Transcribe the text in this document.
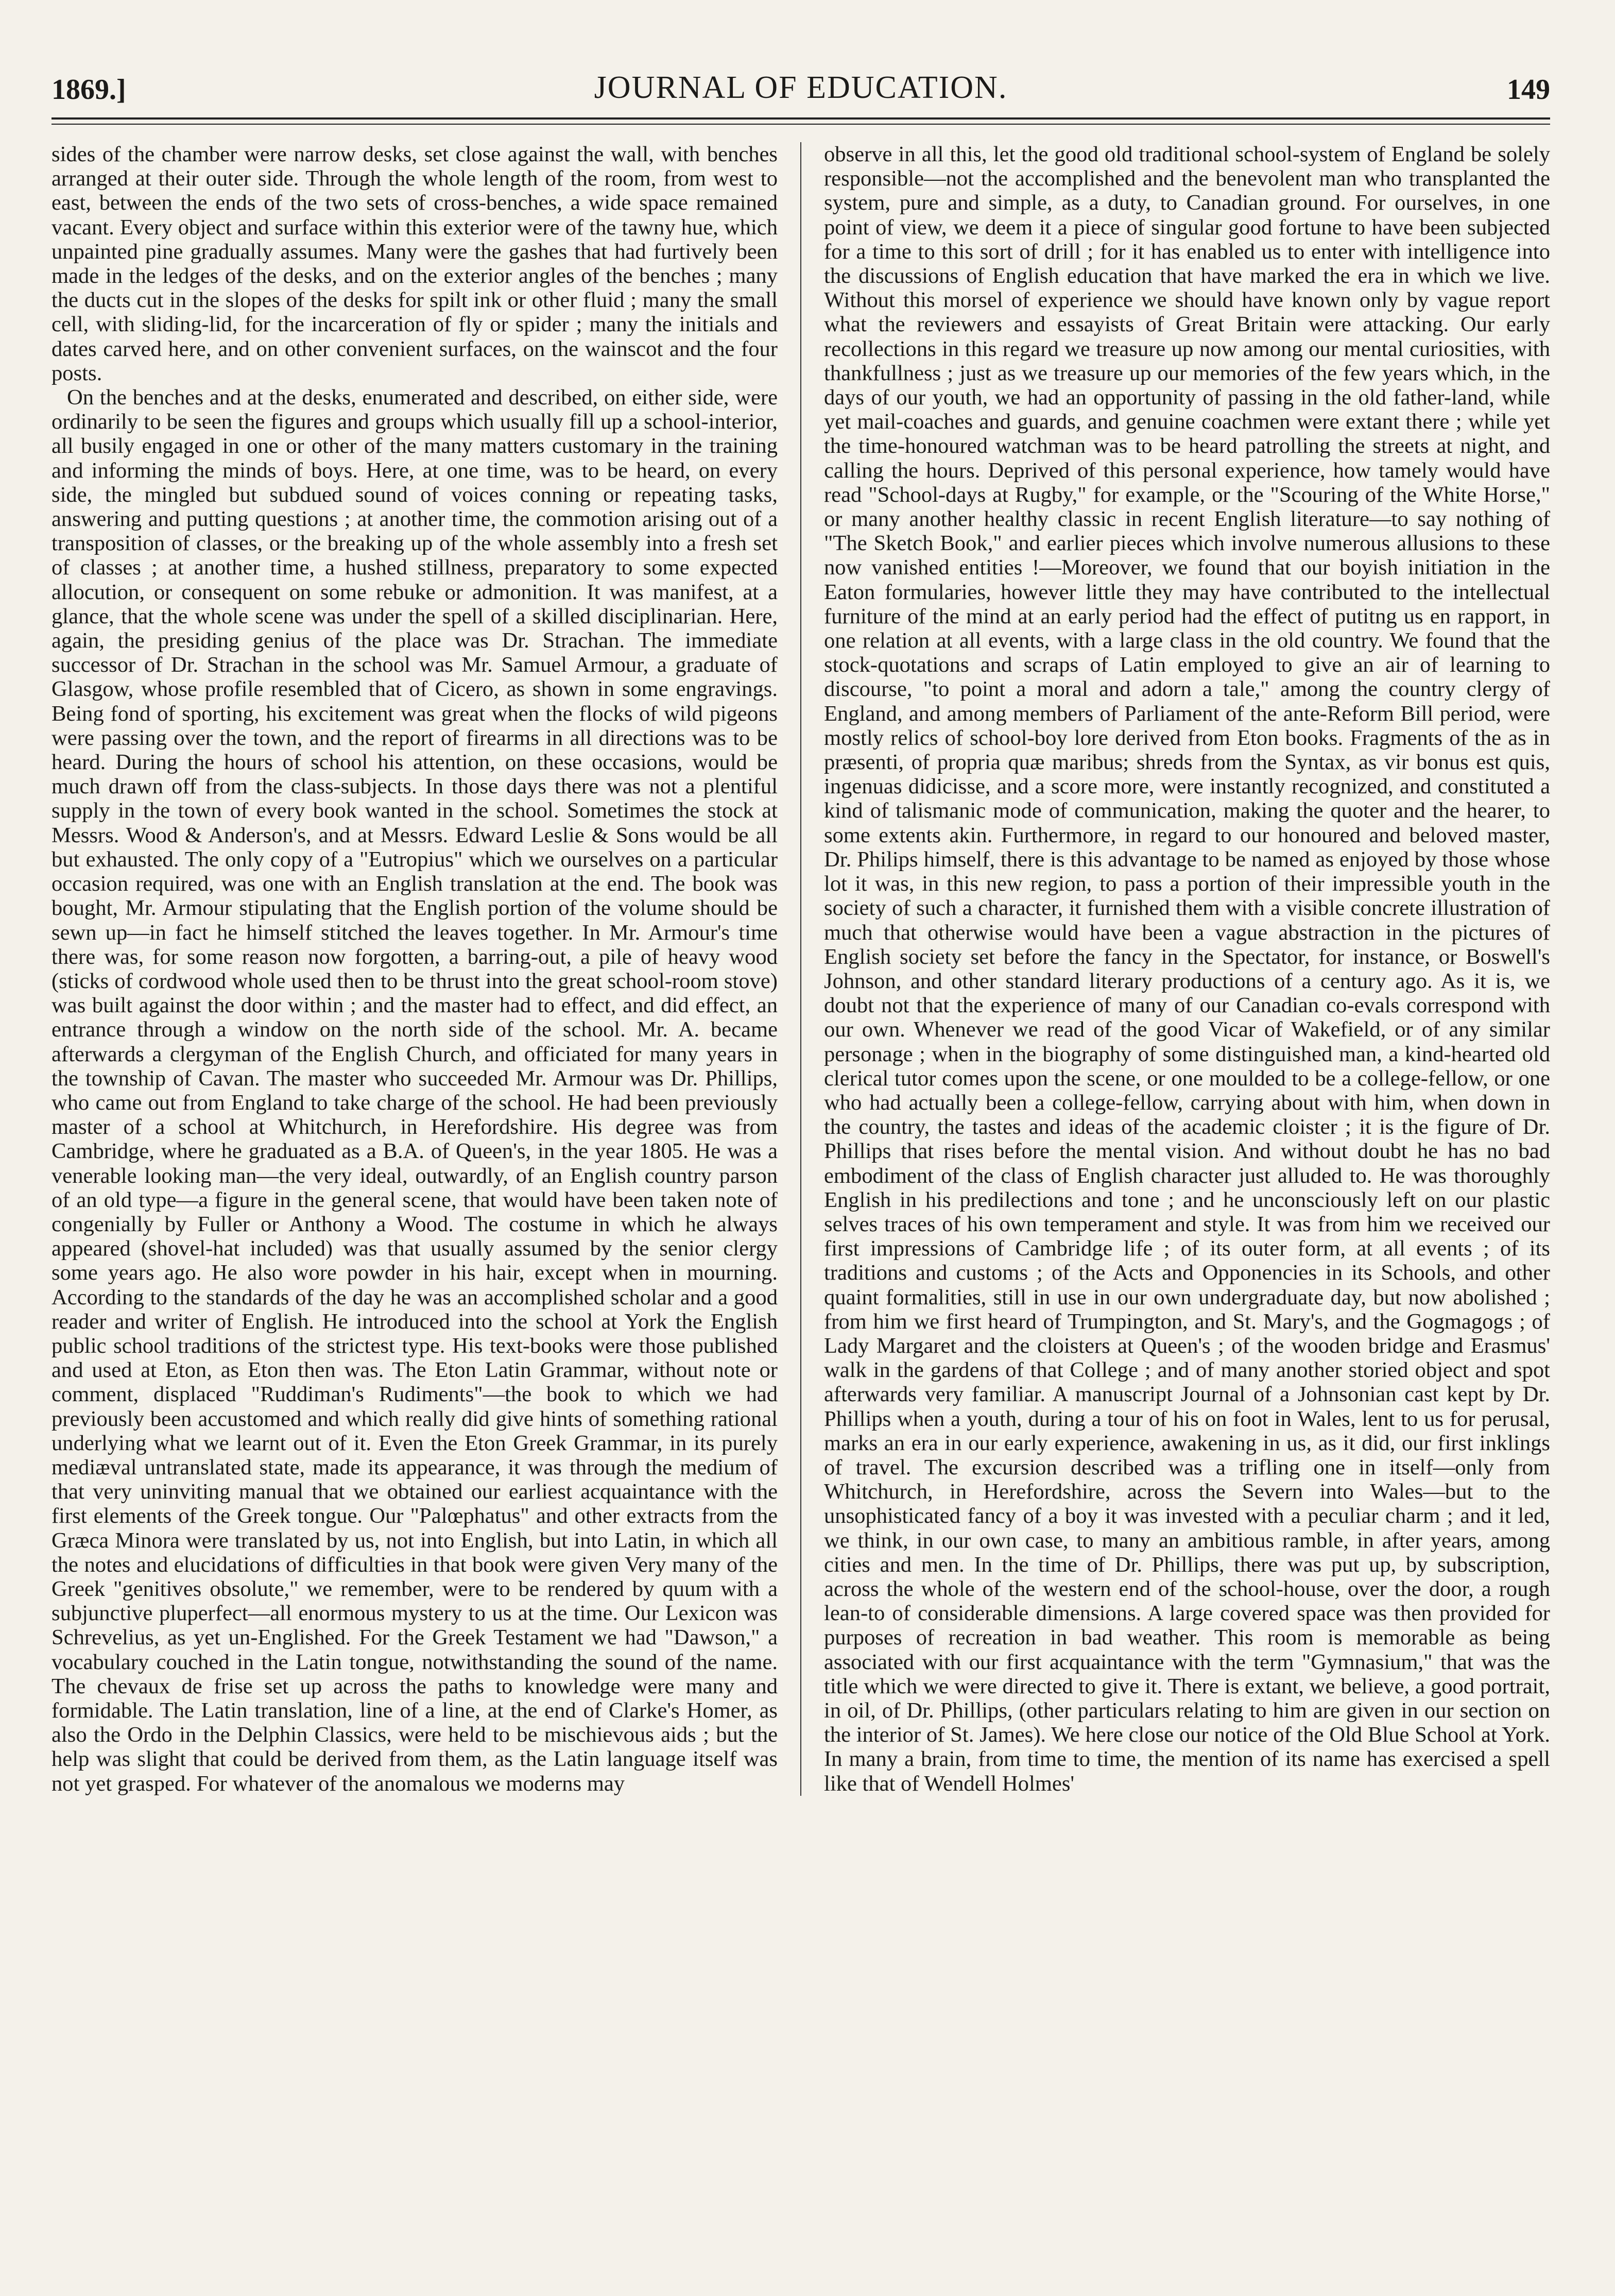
1869.]	JOURNAL OF EDUCATION.	149

sides of the chamber were narrow desks, set close against the wall, with benches arranged at their outer side. Through the whole length of the room, from west to east, between the ends of the two sets of cross-benches, a wide space remained vacant. Every object and surface within this exterior were of the tawny hue, which unpainted pine gradually assumes. Many were the gashes that had furtively been made in the ledges of the desks, and on the exterior angles of the benches ; many the ducts cut in the slopes of the desks for spilt ink or other fluid ; many the small cell, with sliding-lid, for the incarceration of fly or spider ; many the initials and dates carved here, and on other convenient surfaces, on the wainscot and the four posts.

On the benches and at the desks, enumerated and described, on either side, were ordinarily to be seen the figures and groups which usually fill up a school-interior, all busily engaged in one or other of the many matters customary in the training and informing the minds of boys. Here, at one time, was to be heard, on every side, the mingled but subdued sound of voices conning or repeating tasks, answering and putting questions ; at another time, the commotion arising out of a transposition of classes, or the breaking up of the whole assembly into a fresh set of classes ; at another time, a hushed stillness, preparatory to some expected allocution, or consequent on some rebuke or admonition. It was manifest, at a glance, that the whole scene was under the spell of a skilled disciplinarian. Here, again, the presiding genius of the place was Dr. Strachan. The immediate successor of Dr. Strachan in the school was Mr. Samuel Armour, a graduate of Glasgow, whose profile resembled that of Cicero, as shown in some engravings. Being fond of sporting, his excitement was great when the flocks of wild pigeons were passing over the town, and the report of firearms in all directions was to be heard. During the hours of school his attention, on these occasions, would be much drawn off from the class-subjects. In those days there was not a plentiful supply in the town of every book wanted in the school. Sometimes the stock at Messrs. Wood & Anderson's, and at Messrs. Edward Leslie & Sons would be all but exhausted. The only copy of a "Eutropius" which we ourselves on a particular occasion required, was one with an English translation at the end. The book was bought, Mr. Armour stipulating that the English portion of the volume should be sewn up—in fact he himself stitched the leaves together. In Mr. Armour's time there was, for some reason now forgotten, a barring-out, a pile of heavy wood (sticks of cordwood whole used then to be thrust into the great school-room stove) was built against the door within ; and the master had to effect, and did effect, an entrance through a window on the north side of the school. Mr. A. became afterwards a clergyman of the English Church, and officiated for many years in the township of Cavan. The master who succeeded Mr. Armour was Dr. Phillips, who came out from England to take charge of the school. He had been previously master of a school at Whitchurch, in Herefordshire. His degree was from Cambridge, where he graduated as a B.A. of Queen's, in the year 1805. He was a venerable looking man—the very ideal, outwardly, of an English country parson of an old type—a figure in the general scene, that would have been taken note of congenially by Fuller or Anthony a Wood. The costume in which he always appeared (shovel-hat included) was that usually assumed by the senior clergy some years ago. He also wore powder in his hair, except when in mourning. According to the standards of the day he was an accomplished scholar and a good reader and writer of English. He introduced into the school at York the English public school traditions of the strictest type. His text-books were those published and used at Eton, as Eton then was. The Eton Latin Grammar, without note or comment, displaced "Ruddiman's Rudiments"—the book to which we had previously been accustomed and which really did give hints of something rational underlying what we learnt out of it. Even the Eton Greek Grammar, in its purely mediæval untranslated state, made its appearance, it was through the medium of that very uninviting manual that we obtained our earliest acquaintance with the first elements of the Greek tongue. Our "Palœphatus" and other extracts from the Græca Minora were translated by us, not into English, but into Latin, in which all the notes and elucidations of difficulties in that book were given Very many of the Greek "genitives obsolute," we remember, were to be rendered by quum with a subjunctive pluperfect—all enormous mystery to us at the time. Our Lexicon was Schrevelius, as yet un-Englished. For the Greek Testament we had "Dawson," a vocabulary couched in the Latin tongue, notwithstanding the sound of the name. The chevaux de frise set up across the paths to knowledge were many and formidable. The Latin translation, line of a line, at the end of Clarke's Homer, as also the Ordo in the Delphin Classics, were held to be mischievous aids ; but the help was slight that could be derived from them, as the Latin language itself was not yet grasped. For whatever of the anomalous we moderns may

observe in all this, let the good old traditional school-system of England be solely responsible—not the accomplished and the benevolent man who transplanted the system, pure and simple, as a duty, to Canadian ground. For ourselves, in one point of view, we deem it a piece of singular good fortune to have been subjected for a time to this sort of drill ; for it has enabled us to enter with intelligence into the discussions of English education that have marked the era in which we live. Without this morsel of experience we should have known only by vague report what the reviewers and essayists of Great Britain were attacking. Our early recollections in this regard we treasure up now among our mental curiosities, with thankfullness ; just as we treasure up our memories of the few years which, in the days of our youth, we had an opportunity of passing in the old father-land, while yet mail-coaches and guards, and genuine coachmen were extant there ; while yet the time-honoured watchman was to be heard patrolling the streets at night, and calling the hours. Deprived of this personal experience, how tamely would have read "School-days at Rugby," for example, or the "Scouring of the White Horse," or many another healthy classic in recent English literature—to say nothing of "The Sketch Book," and earlier pieces which involve numerous allusions to these now vanished entities !—Moreover, we found that our boyish initiation in the Eaton formularies, however little they may have contributed to the intellectual furniture of the mind at an early period had the effect of putitng us en rapport, in one relation at all events, with a large class in the old country. We found that the stock-quotations and scraps of Latin employed to give an air of learning to discourse, "to point a moral and adorn a tale," among the country clergy of England, and among members of Parliament of the ante-Reform Bill period, were mostly relics of school-boy lore derived from Eton books. Fragments of the as in præsenti, of propria quæ maribus; shreds from the Syntax, as vir bonus est quis, ingenuas didicisse, and a score more, were instantly recognized, and constituted a kind of talismanic mode of communication, making the quoter and the hearer, to some extents akin. Furthermore, in regard to our honoured and beloved master, Dr. Philips himself, there is this advantage to be named as enjoyed by those whose lot it was, in this new region, to pass a portion of their impressible youth in the society of such a character, it furnished them with a visible concrete illustration of much that otherwise would have been a vague abstraction in the pictures of English society set before the fancy in the Spectator, for instance, or Boswell's Johnson, and other standard literary productions of a century ago. As it is, we doubt not that the experience of many of our Canadian co-evals correspond with our own. Whenever we read of the good Vicar of Wakefield, or of any similar personage ; when in the biography of some distinguished man, a kind-hearted old clerical tutor comes upon the scene, or one moulded to be a college-fellow, or one who had actually been a college-fellow, carrying about with him, when down in the country, the tastes and ideas of the academic cloister ; it is the figure of Dr. Phillips that rises before the mental vision. And without doubt he has no bad embodiment of the class of English character just alluded to. He was thoroughly English in his predilections and tone ; and he unconsciously left on our plastic selves traces of his own temperament and style. It was from him we received our first impressions of Cambridge life ; of its outer form, at all events ; of its traditions and customs ; of the Acts and Opponencies in its Schools, and other quaint formalities, still in use in our own undergraduate day, but now abolished ; from him we first heard of Trumpington, and St. Mary's, and the Gogmagogs ; of Lady Margaret and the cloisters at Queen's ; of the wooden bridge and Erasmus' walk in the gardens of that College ; and of many another storied object and spot afterwards very familiar. A manuscript Journal of a Johnsonian cast kept by Dr. Phillips when a youth, during a tour of his on foot in Wales, lent to us for perusal, marks an era in our early experience, awakening in us, as it did, our first inklings of travel. The excursion described was a trifling one in itself—only from Whitchurch, in Herefordshire, across the Severn into Wales—but to the unsophisticated fancy of a boy it was invested with a peculiar charm ; and it led, we think, in our own case, to many an ambitious ramble, in after years, among cities and men. In the time of Dr. Phillips, there was put up, by subscription, across the whole of the western end of the school-house, over the door, a rough lean-to of considerable dimensions. A large covered space was then provided for purposes of recreation in bad weather. This room is memorable as being associated with our first acquaintance with the term "Gymnasium," that was the title which we were directed to give it. There is extant, we believe, a good portrait, in oil, of Dr. Phillips, (other particulars relating to him are given in our section on the interior of St. James). We here close our notice of the Old Blue School at York. In many a brain, from time to time, the mention of its name has exercised a spell like that of Wendell Holmes'
